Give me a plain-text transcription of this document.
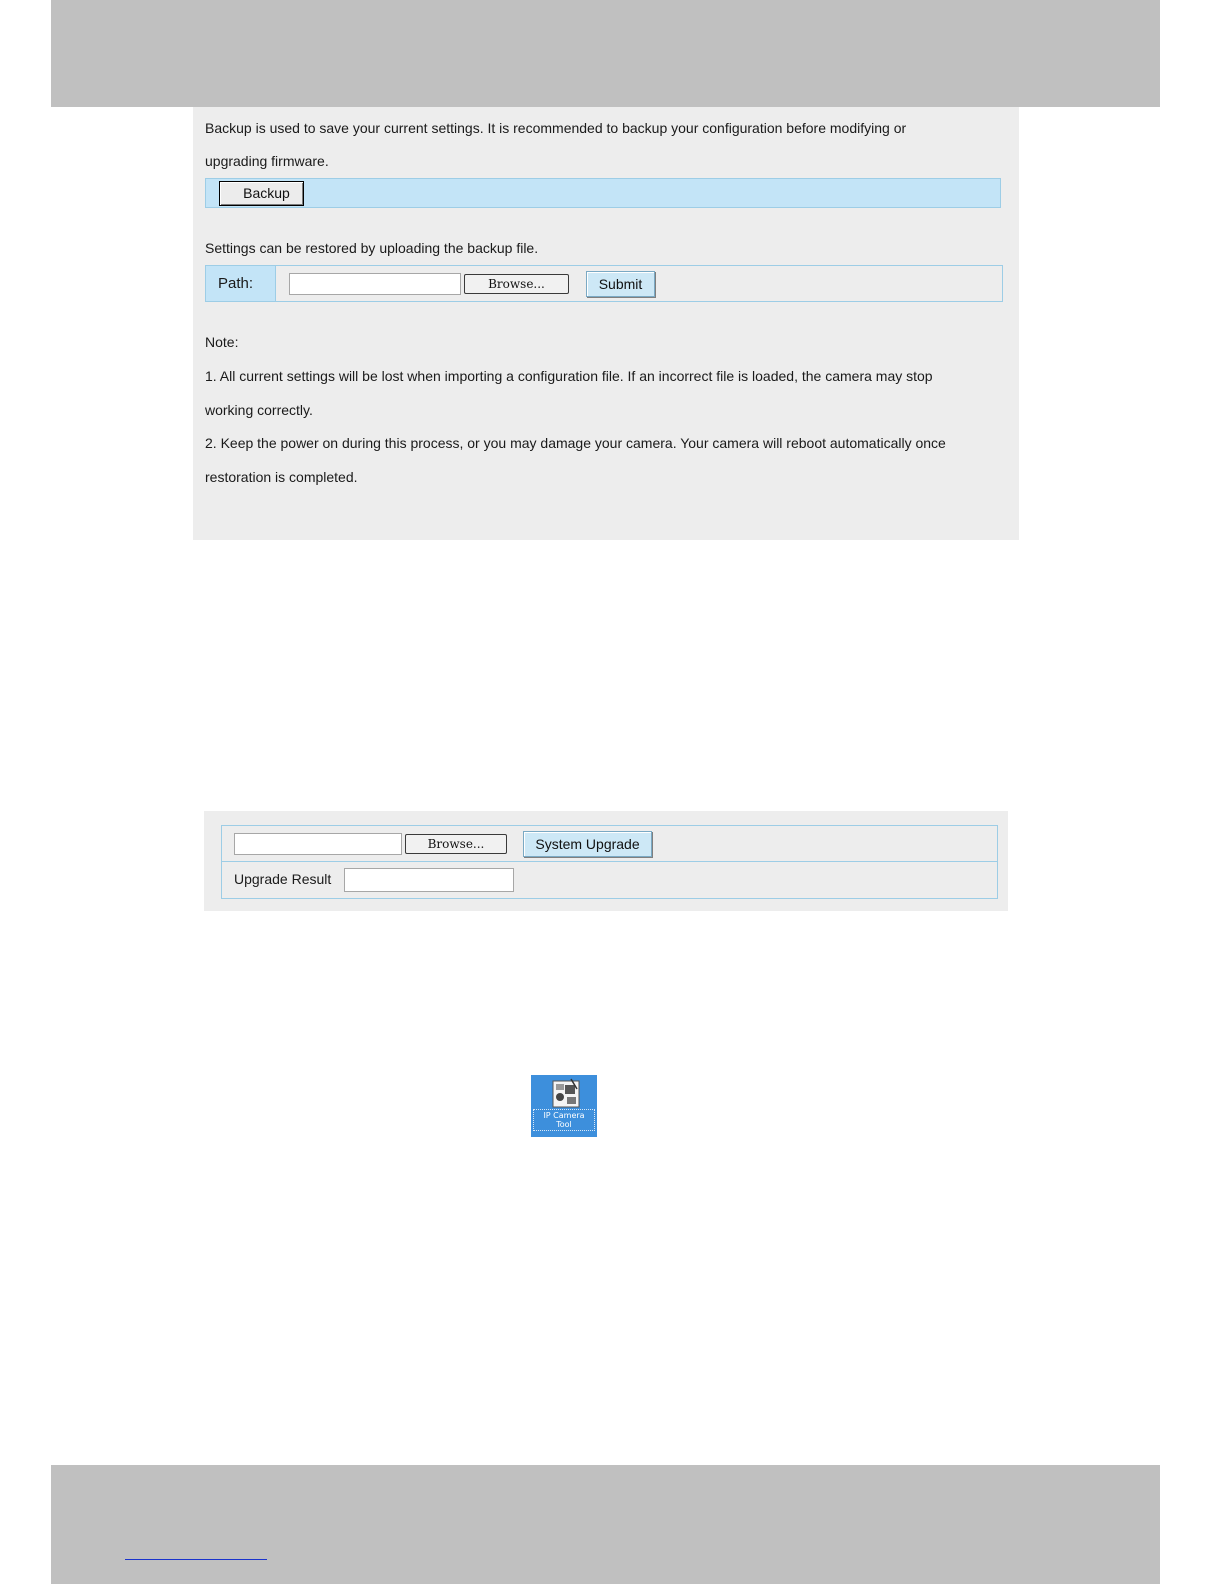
Backup is used to save your current settings. It is recommended to backup your configuration before modifying or
upgrading firmware.
Backup
Settings can be restored by uploading the backup file.
Path:	Browse...	Submit
Note:
1. All current settings will be lost when importing a configuration file. If an incorrect file is loaded, the camera may stop
working correctly.
2. Keep the power on during this process, or you may damage your camera. Your camera will reboot automatically once
restoration is completed.
Browse...	System Upgrade
Upgrade Result
IP Camera
Tool
